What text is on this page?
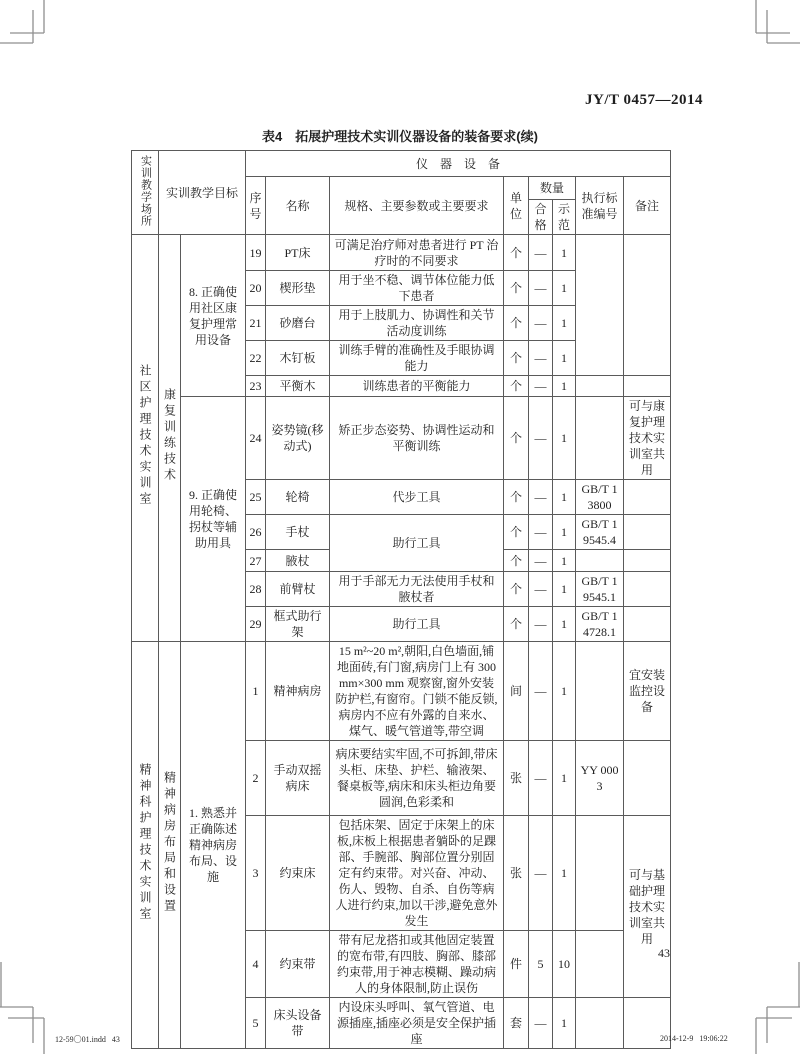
JY/T 0457—2014
表4　拓展护理技术实训仪器设备的装备要求(续)
实训教学场所	实训教学目标		仪　器　设　备							
			序号	名称	规格、主要参数或主要要求	单位	数量		执行标准编号	备注
							合格	示范		
社区护理技术实训室	康复训练技术	8. 正确使用社区康复护理常用设备	19	PT床	可满足治疗师对患者进行 PT 治疗时的不同要求	个	—	1		
			20	楔形垫	用于坐不稳、调节体位能力低下患者	个	—	1		
			21	砂磨台	用于上肢肌力、协调性和关节活动度训练	个	—	1		
			22	木钉板	训练手臂的准确性及手眼协调能力	个	—	1		
			23	平衡木	训练患者的平衡能力	个	—	1		
		9. 正确使用轮椅、拐杖等辅助用具	24	姿势镜(移动式)	矫正步态姿势、协调性运动和平衡训练	个	—	1		可与康复护理技术实训室共用
			25	轮椅	代步工具	个	—	1	GB/T 13800	
			26	手杖	助行工具	个	—	1	GB/T 19545.4	
			27	腋杖		个	—	1		
			28	前臂杖	用于手部无力无法使用手杖和腋杖者	个	—	1	GB/T 19545.1	
			29	框式助行架	助行工具	个	—	1	GB/T 14728.1	
精神科护理技术实训室	精神病房布局和设置	1. 熟悉并正确陈述精神病房布局、设施	1	精神病房	15 m²~20 m²,朝阳,白色墙面,铺地面砖,有门窗,病房门上有 300 mm×300 mm 观察窗,窗外安装防护栏,有窗帘。门锁不能反锁,病房内不应有外露的自来水、煤气、暖气管道等,带空调	间	—	1		宜安装监控设备
			2	手动双摇病床	病床要结实牢固,不可拆卸,带床头柜、床垫、护栏、输液架、餐桌板等,病床和床头柜边角要圆润,色彩柔和	张	—	1	YY 0003	
			3	约束床	包括床架、固定于床架上的床板,床板上根据患者躺卧的足踝部、手腕部、胸部位置分别固定有约束带。对兴奋、冲动、伤人、毁物、自杀、自伤等病人进行约束,加以干涉,避免意外发生	张	—	1		可与基础护理技术实训室共用
			4	约束带	带有尼龙搭扣或其他固定装置的宽布带,有四肢、胸部、膝部约束带,用于神志模糊、躁动病人的身体限制,防止误伤	件	5	10		
			5	床头设备带	内设床头呼叫、氧气管道、电源插座,插座必须是安全保护插座	套	—	1		
43
12-59〇01.indd   43	2014-12-9   19:06:22
